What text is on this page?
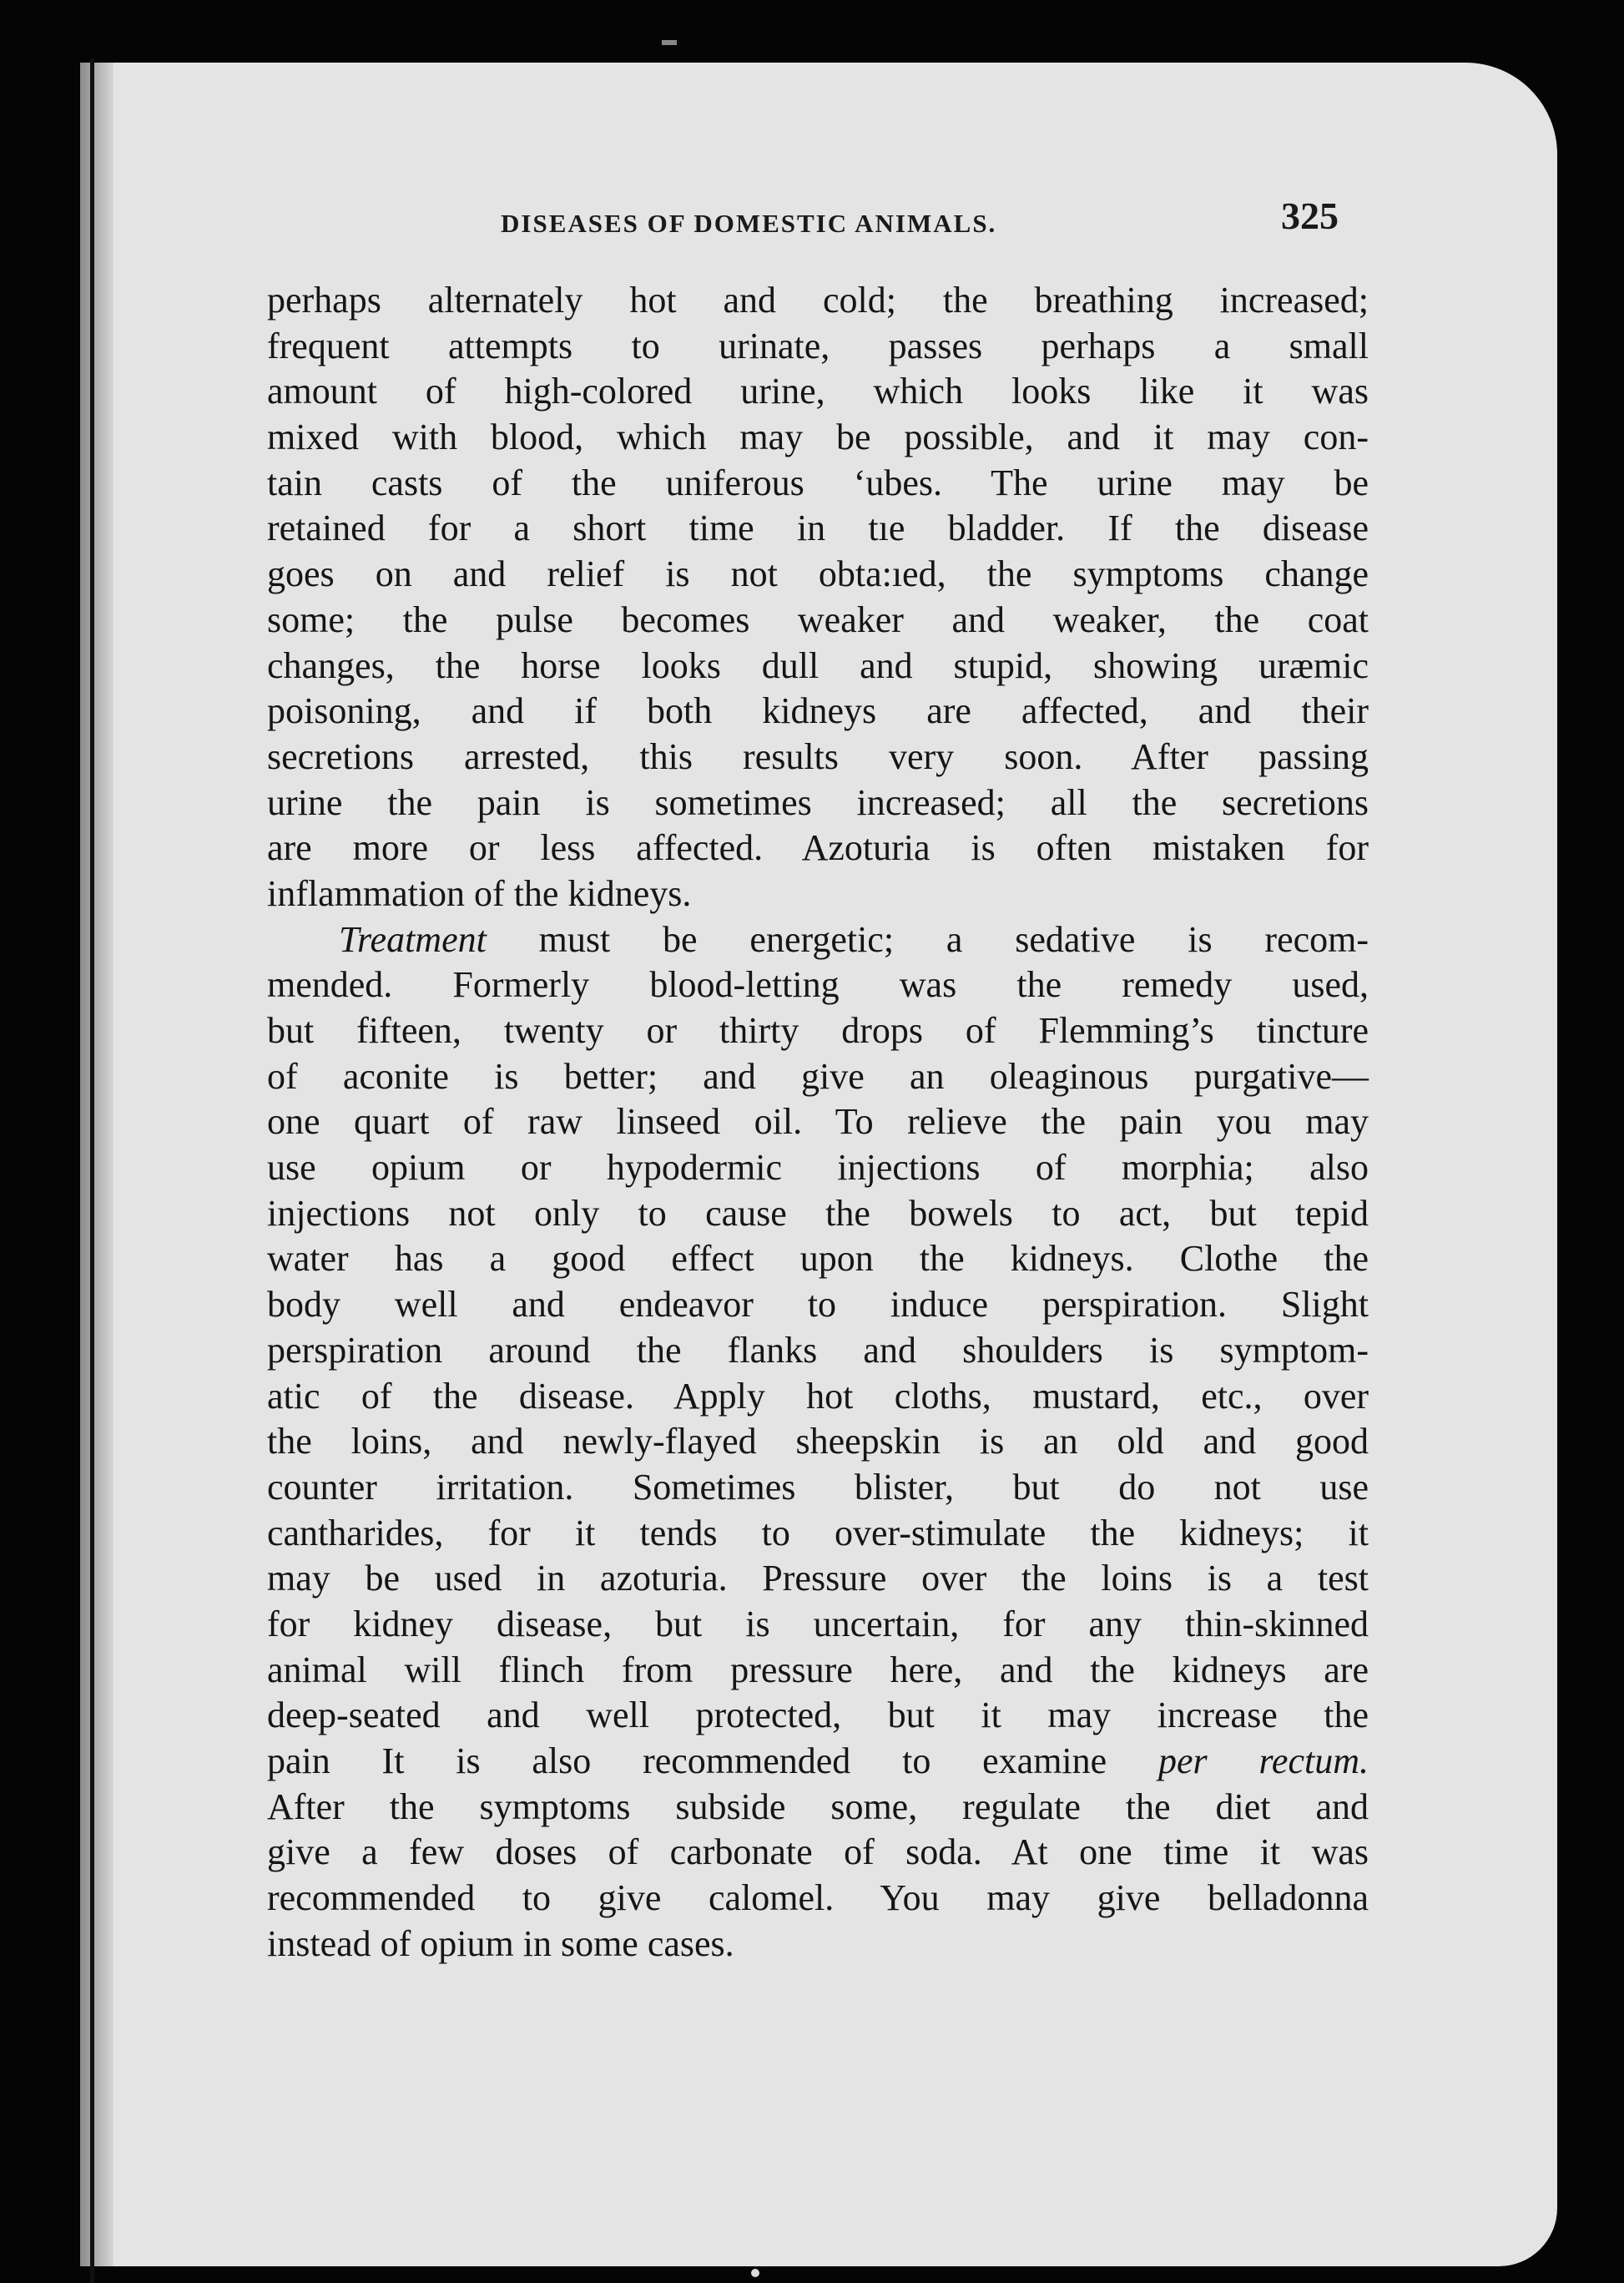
DISEASES OF DOMESTIC ANIMALS.	325
perhaps alternately hot and cold; the breathing increased;
frequent attempts to urinate, passes perhaps a small
amount of high-colored urine, which looks like it was
mixed with blood, which may be possible, and it may con-
tain casts of the uniferous ‘ubes. The urine may be
retained for a short time in tıe bladder. If the disease
goes on and relief is not obta:ıed, the symptoms change
some; the pulse becomes weaker and weaker, the coat
changes, the horse looks dull and stupid, showing uræmic
poisoning, and if both kidneys are affected, and their
secretions arrested, this results very soon. After passing
urine the pain is sometimes increased; all the secretions
are more or less affected. Azoturia is often mistaken for
inflammation of the kidneys.
Treatment must be energetic; a sedative is recom-
mended. Formerly blood-letting was the remedy used,
but fifteen, twenty or thirty drops of Flemming’s tincture
of aconite is better; and give an oleaginous purgative—
one quart of raw linseed oil. To relieve the pain you may
use opium or hypodermic injections of morphia; also
injections not only to cause the bowels to act, but tepid
water has a good effect upon the kidneys. Clothe the
body well and endeavor to induce perspiration. Slight
perspiration around the flanks and shoulders is symptom-
atic of the disease. Apply hot cloths, mustard, etc., over
the loins, and newly-flayed sheepskin is an old and good
counter irritation. Sometimes blister, but do not use
cantharides, for it tends to over-stimulate the kidneys; it
may be used in azoturia. Pressure over the loins is a test
for kidney disease, but is uncertain, for any thin-skinned
animal will flinch from pressure here, and the kidneys are
deep-seated and well protected, but it may increase the
pain It is also recommended to examine per rectum.
After the symptoms subside some, regulate the diet and
give a few doses of carbonate of soda. At one time it was
recommended to give calomel. You may give belladonna
instead of opium in some cases.
